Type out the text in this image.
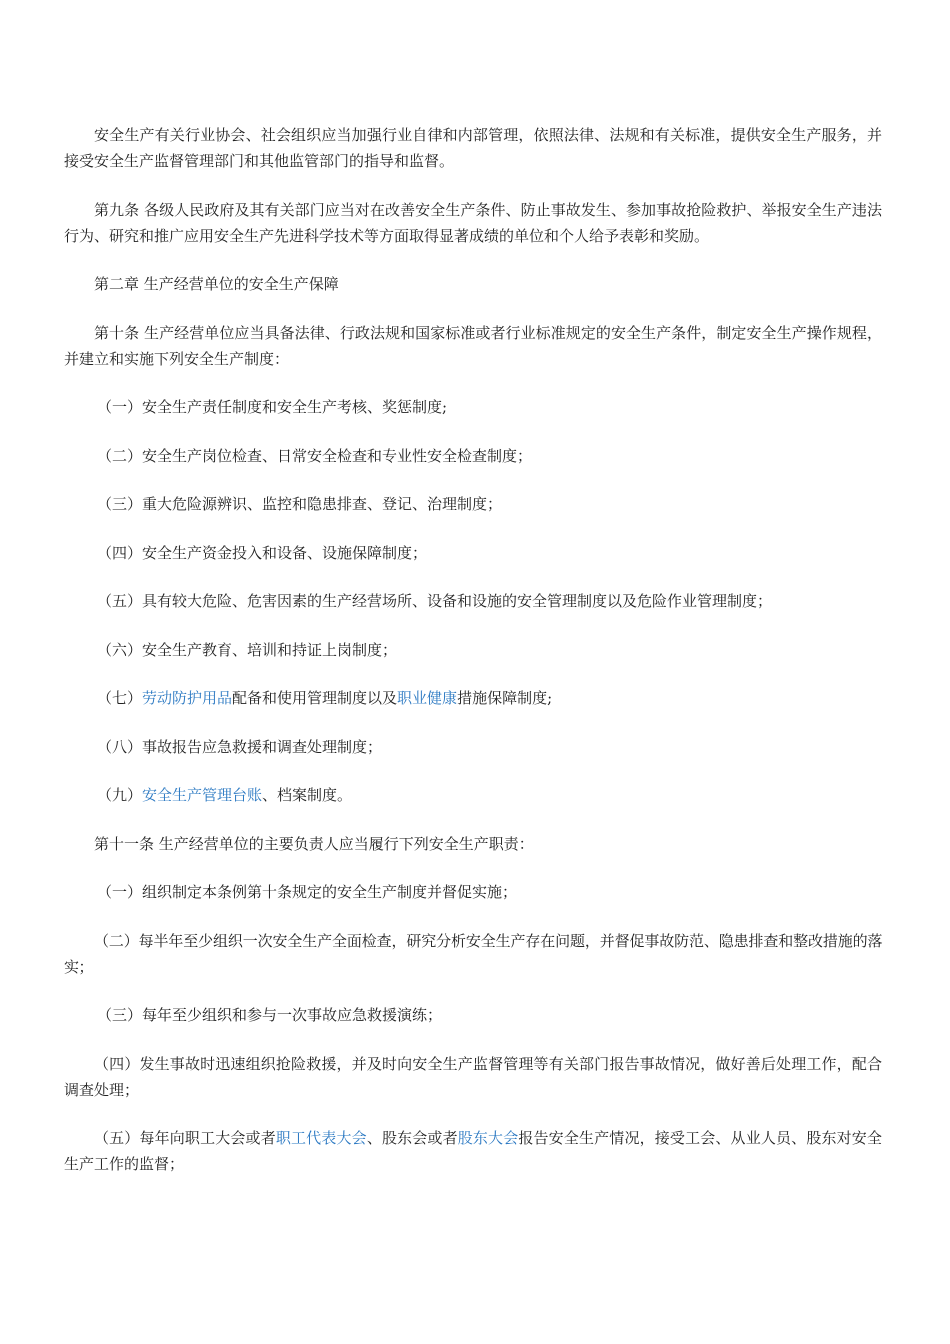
安全生产有关行业协会、社会组织应当加强行业自律和内部管理，依照法律、法规和有关标准，提供安全生产服务，并接受安全生产监督管理部门和其他监管部门的指导和监督。

第九条 各级人民政府及其有关部门应当对在改善安全生产条件、防止事故发生、参加事故抢险救护、举报安全生产违法行为、研究和推广应用安全生产先进科学技术等方面取得显著成绩的单位和个人给予表彰和奖励。

第二章 生产经营单位的安全生产保障

第十条 生产经营单位应当具备法律、行政法规和国家标准或者行业标准规定的安全生产条件，制定安全生产操作规程，并建立和实施下列安全生产制度：

（一）安全生产责任制度和安全生产考核、奖惩制度;

（二）安全生产岗位检查、日常安全检查和专业性安全检查制度；

（三）重大危险源辨识、监控和隐患排查、登记、治理制度；

（四）安全生产资金投入和设备、设施保障制度；

（五）具有较大危险、危害因素的生产经营场所、设备和设施的安全管理制度以及危险作业管理制度；

（六）安全生产教育、培训和持证上岗制度；

（七）劳动防护用品配备和使用管理制度以及职业健康措施保障制度;

（八）事故报告应急救援和调查处理制度；

（九）安全生产管理台账、档案制度。

第十一条 生产经营单位的主要负责人应当履行下列安全生产职责：

（一）组织制定本条例第十条规定的安全生产制度并督促实施；

（二）每半年至少组织一次安全生产全面检查，研究分析安全生产存在问题，并督促事故防范、隐患排查和整改措施的落实；

（三）每年至少组织和参与一次事故应急救援演练；

（四）发生事故时迅速组织抢险救援，并及时向安全生产监督管理等有关部门报告事故情况，做好善后处理工作，配合调查处理；

（五）每年向职工大会或者职工代表大会、股东会或者股东大会报告安全生产情况，接受工会、从业人员、股东对安全生产工作的监督；
